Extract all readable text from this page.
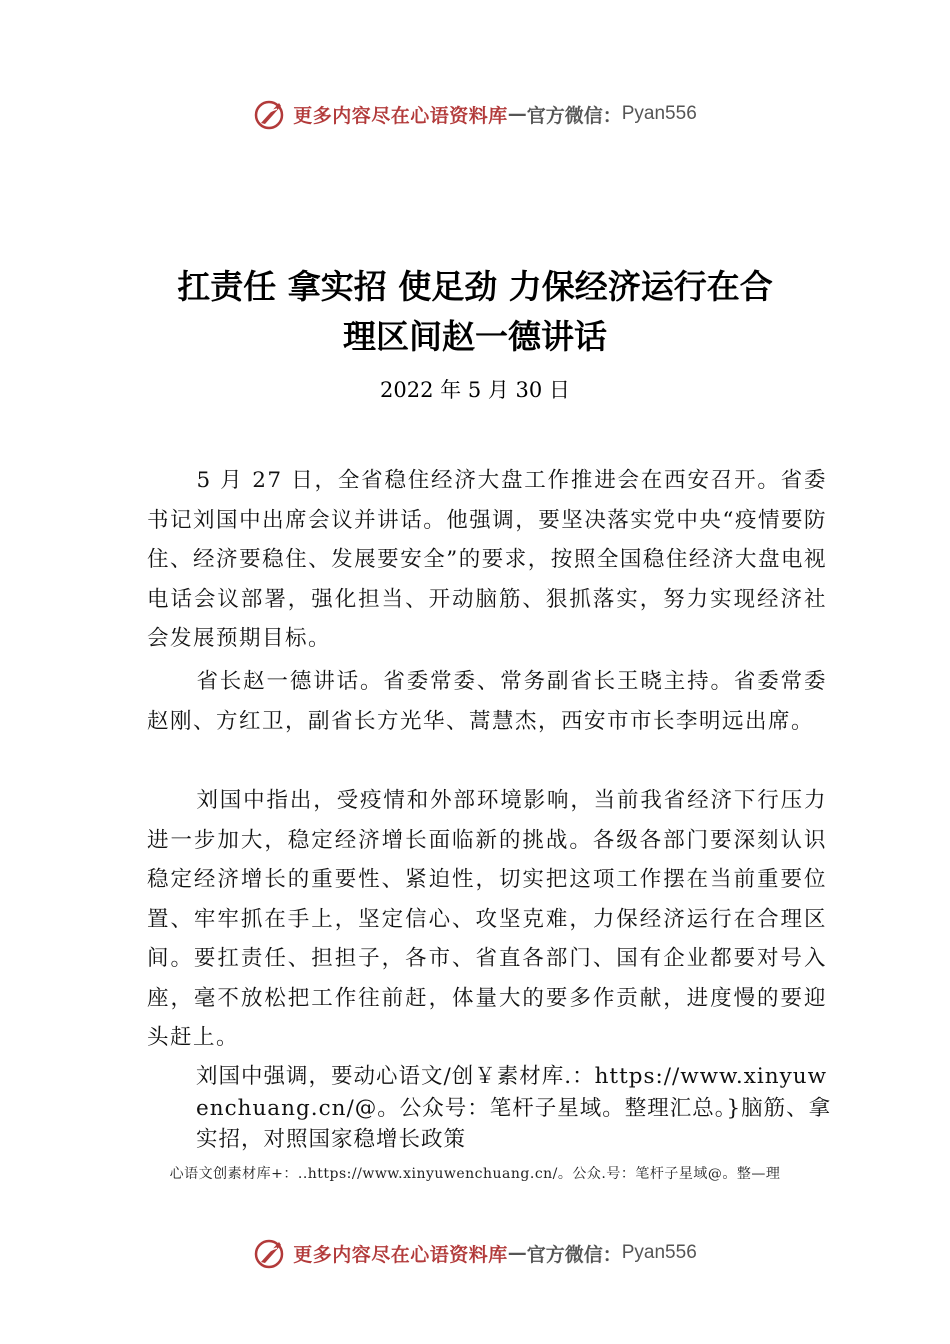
更多内容尽在心语资料库 — 官方微信： Pyan556
扛责任 拿实招 使足劲 力保经济运行在合
理区间赵一德讲话
2022 年 5 月 30 日

5 月 27 日，全省稳住经济大盘工作推进会在西安召开。省委书记刘国中出席会议并讲话。他强调，要坚决落实党中央“疫情要防住、经济要稳住、发展要安全”的要求，按照全国稳住经济大盘电视电话会议部署，强化担当、开动脑筋、狠抓落实，努力实现经济社会发展预期目标。

省长赵一德讲话。省委常委、常务副省长王晓主持。省委常委赵刚、方红卫，副省长方光华、蒿慧杰，西安市市长李明远出席。

刘国中指出，受疫情和外部环境影响，当前我省经济下行压力进一步加大，稳定经济增长面临新的挑战。各级各部门要深刻认识稳定经济增长的重要性、紧迫性，切实把这项工作摆在当前重要位置、牢牢抓在手上，坚定信心、攻坚克难，力保经济运行在合理区间。要扛责任、担担子，各市、省直各部门、国有企业都要对号入座，毫不放松把工作往前赶，体量大的要多作贡献，进度慢的要迎头赶上。

刘国中强调，要动心语文/创￥素材库.：https://www.xinyuwenchuang.cn/@。公众号：笔杆子星域。整理汇总。}脑筋、拿实招，对照国家稳增长政策

心语文创素材库+：..https://www.xinyuwenchuang.cn/。公众.号：笔杆子星域@。整—理
更多内容尽在心语资料库 — 官方微信： Pyan556
